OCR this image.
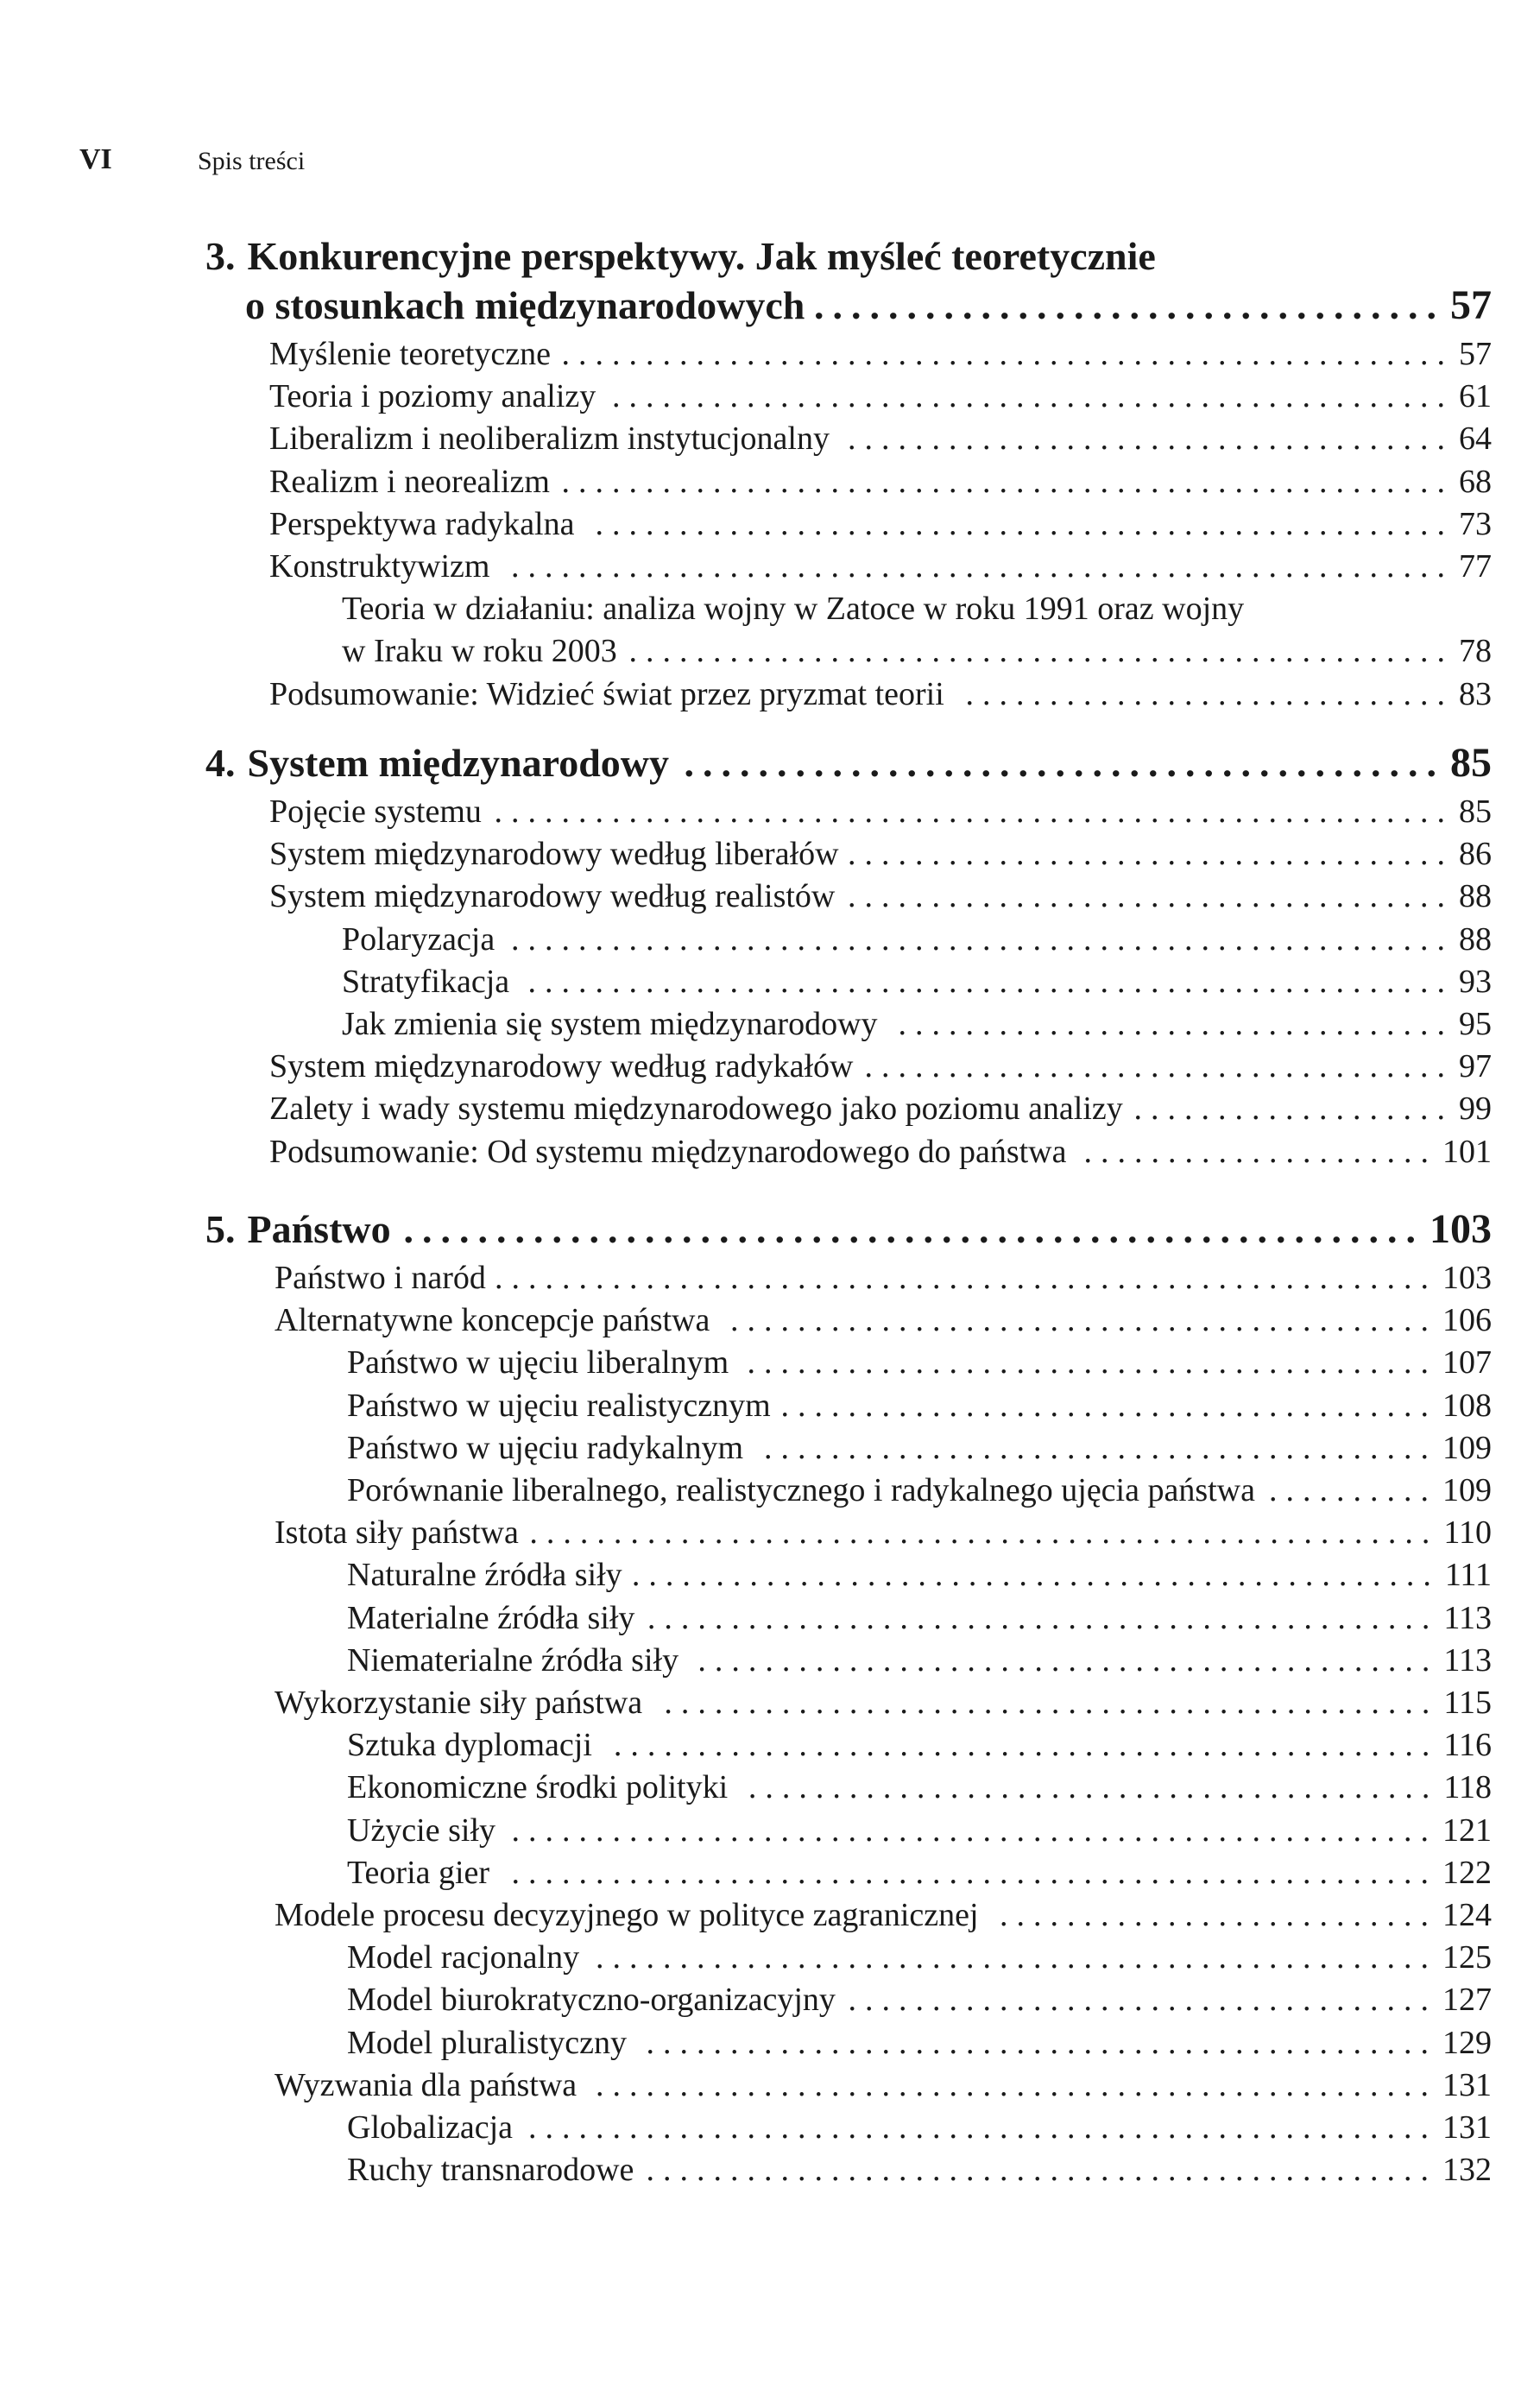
VI	Spis treści
3. Konkurencyjne perspektywy. Jak myśleć teoretycznie
o stosunkach międzynarodowych .................................. 57
Myślenie teoretyczne ..................................................... 57
Teoria i poziomy analizy .................................................. 61
Liberalizm i neoliberalizm instytucjonalny .................................... 64
Realizm i neorealizm ..................................................... 68
Perspektywa radykalna ................................................... 73
Konstruktywizm ........................................................ 77
Teoria w działaniu: analiza wojny w Zatoce w roku 1991 oraz wojny
w Iraku w roku 2003 ................................................. 78
Podsumowanie: Widzieć świat przez pryzmat teorii ............................. 83
4. System międzynarodowy ......................................... 85
Pojęcie systemu ......................................................... 85
System międzynarodowy według liberałów .................................... 86
System międzynarodowy według realistów .................................... 88
Polaryzacja ........................................................ 88
Stratyfikacja ....................................................... 93
Jak zmienia się system międzynarodowy ................................. 95
System międzynarodowy według radykałów ................................... 97
Zalety i wady systemu międzynarodowego jako poziomu analizy ................... 99
Podsumowanie: Od systemu międzynarodowego do państwa ..................... 101
5. Państwo ....................................................... 103
Państwo i naród ........................................................ 103
Alternatywne koncepcje państwa .......................................... 106
Państwo w ujęciu liberalnym ......................................... 107
Państwo w ujęciu realistycznym ....................................... 108
Państwo w ujęciu radykalnym ........................................ 109
Porównanie liberalnego, realistycznego i radykalnego ujęcia państwa .......... 109
Istota siły państwa ...................................................... 110
Naturalne źródła siły ................................................ 111
Materialne źródła siły ............................................... 113
Niematerialne źródła siły ............................................ 113
Wykorzystanie siły państwa .............................................. 115
Sztuka dyplomacji ................................................. 116
Ekonomiczne środki polityki ......................................... 118
Użycie siły ....................................................... 121
Teoria gier ....................................................... 122
Modele procesu decyzyjnego w polityce zagranicznej .......................... 124
Model racjonalny .................................................. 125
Model biurokratyczno-organizacyjny ................................... 127
Model pluralistyczny ............................................... 129
Wyzwania dla państwa .................................................. 131
Globalizacja ...................................................... 131
Ruchy transnarodowe ............................................... 132
